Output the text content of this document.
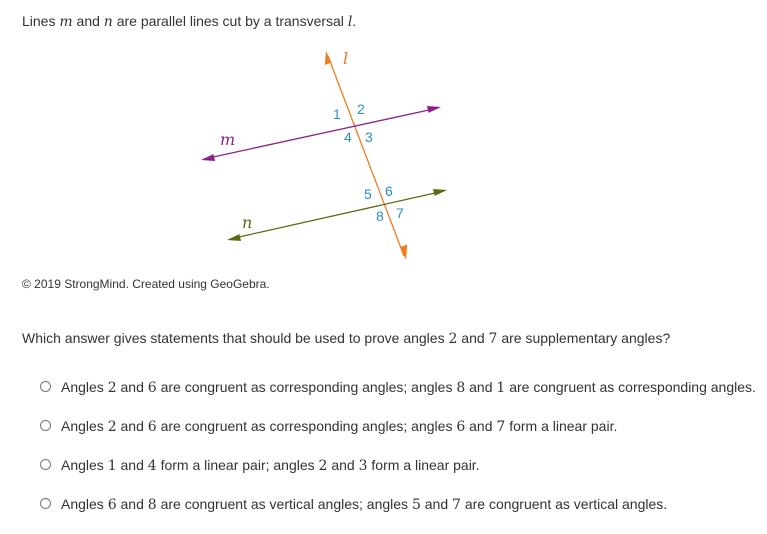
Lines m and n are parallel lines cut by a transversal l.
l
m
n
1 2
4 3
5 6
8 7
© 2019 StrongMind. Created using GeoGebra.
Which answer gives statements that should be used to prove angles 2 and 7 are supplementary angles?
Angles 2 and 6 are congruent as corresponding angles; angles 8 and 1 are congruent as corresponding angles.
Angles 2 and 6 are congruent as corresponding angles; angles 6 and 7 form a linear pair.
Angles 1 and 4 form a linear pair; angles 2 and 3 form a linear pair.
Angles 6 and 8 are congruent as vertical angles; angles 5 and 7 are congruent as vertical angles.
